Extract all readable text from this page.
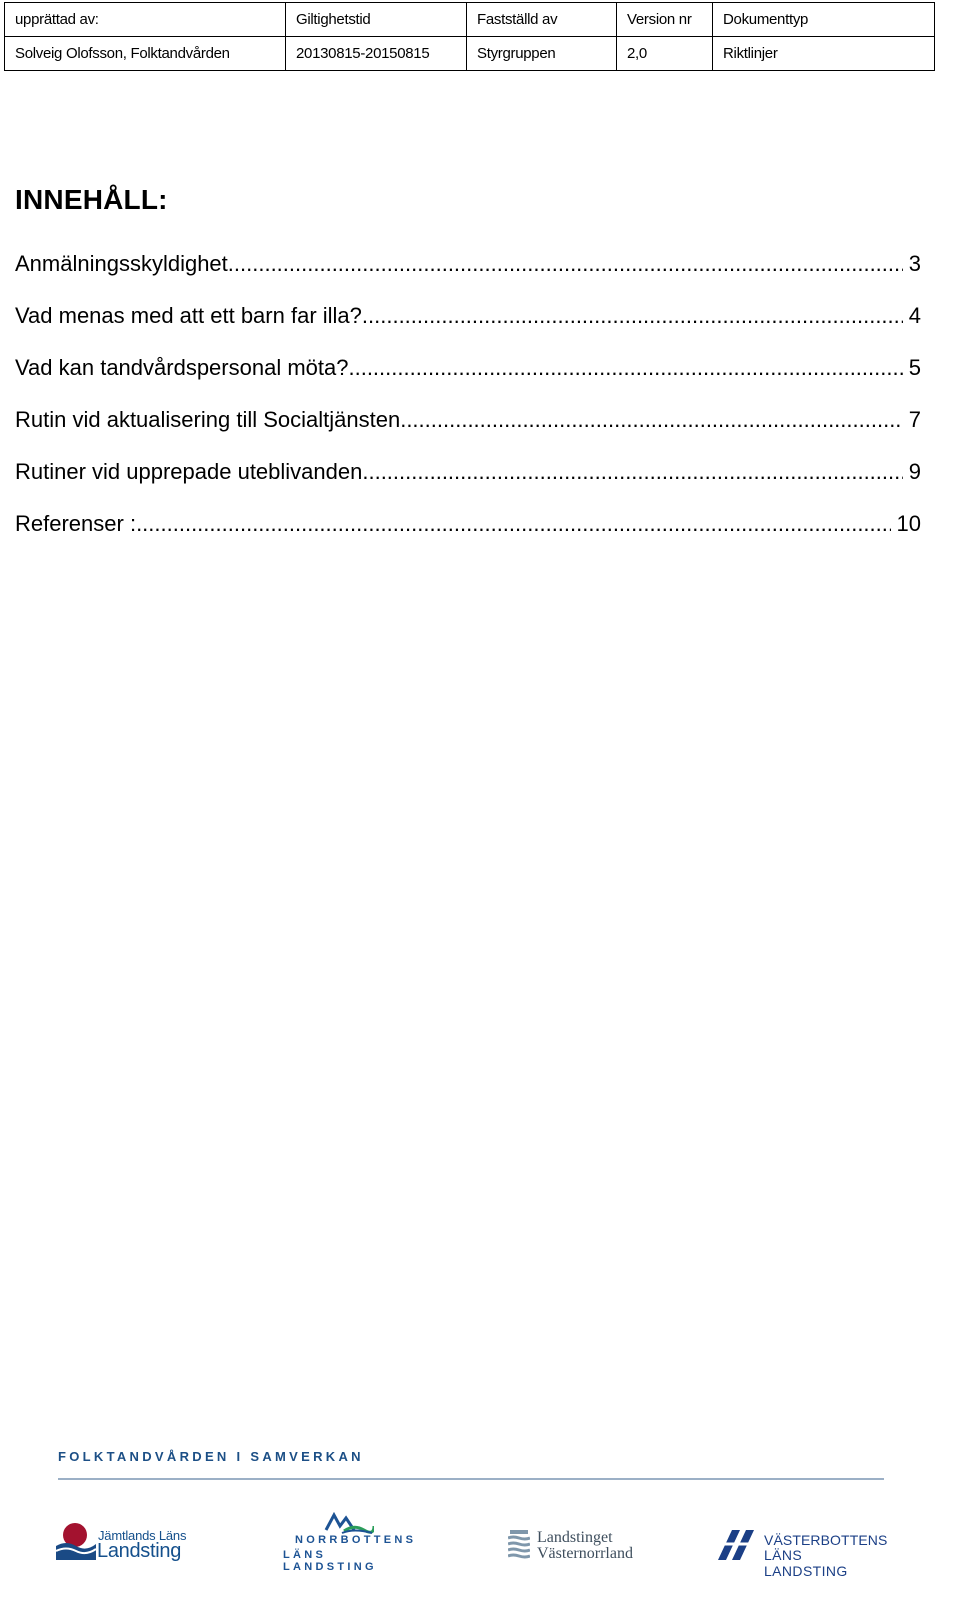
upprättad av:	Giltighetstid	Fastställd av	Version nr	Dokumenttyp
Solveig Olofsson, Folktandvården	20130815-20150815	Styrgruppen	2,0	Riktlinjer
INNEHÅLL:
Anmälningsskyldighet .....	3
Vad menas med att ett barn far illa? .....	4
Vad kan tandvårdspersonal möta? .....	5
Rutin vid aktualisering till Socialtjänsten .....	7
Rutiner vid upprepade uteblivanden .....	9
Referenser : .....	10

FOLKTANDVÅRDEN I SAMVERKAN

Jämtlands Läns
Landsting	NORRBOTTENS
LÄNS LANDSTING
Landstinget
Västernorrland
VÄSTERBOTTENS
LÄNS LANDSTING
